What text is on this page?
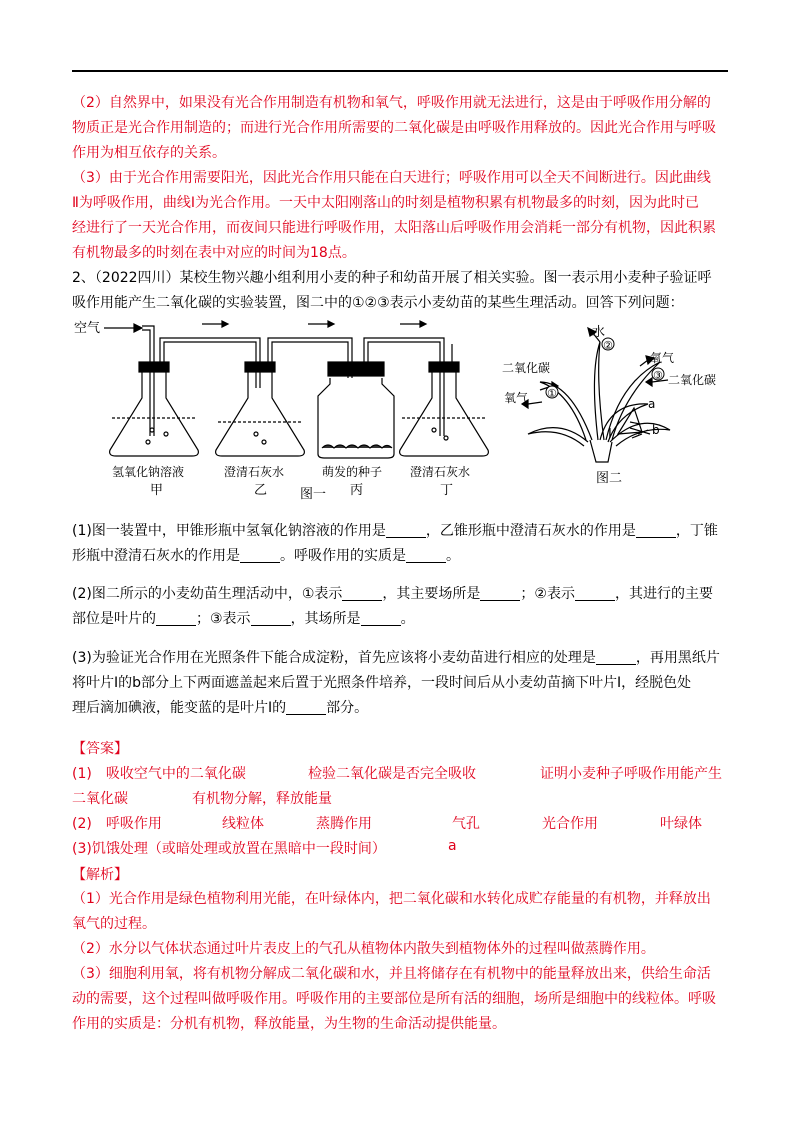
（2）自然界中，如果没有光合作用制造有机物和氧气，呼吸作用就无法进行，这是由于呼吸作用分解的
物质正是光合作用制造的；而进行光合作用所需要的二氧化碳是由呼吸作用释放的。因此光合作用与呼吸
作用为相互依存的关系。
（3）由于光合作用需要阳光，因此光合作用只能在白天进行；呼吸作用可以全天不间断进行。因此曲线
Ⅱ为呼吸作用，曲线Ⅰ为光合作用。一天中太阳刚落山的时刻是植物积累有机物最多的时刻，因为此时已
经进行了一天光合作用，而夜间只能进行呼吸作用，太阳落山后呼吸作用会消耗一部分有机物，因此积累
有机物最多的时刻在表中对应的时间为18点。
2、（2022四川）某校生物兴趣小组利用小麦的种子和幼苗开展了相关实验。图一表示用小麦种子验证呼
吸作用能产生二氧化碳的实验装置，图二中的①②③表示小麦幼苗的某些生理活动。回答下列问题：
空气
氢氧化钠溶液
甲
澄清石灰水
乙
萌发的种子
丙
澄清石灰水
丁
图一
水
②
二氧化碳
①
氧气
氧气
③ 二氧化碳
a
b
I
图二
(1)图一装置中，甲锥形瓶中氢氧化钠溶液的作用是	，乙锥形瓶中澄清石灰水的作用是	，丁锥
形瓶中澄清石灰水的作用是	。呼吸作用的实质是	。
(2)图二所示的小麦幼苗生理活动中，①表示	，其主要场所是	；②表示	，其进行的主要
部位是叶片的	；③表示	，其场所是	。
(3)为验证光合作用在光照条件下能合成淀粉，首先应该将小麦幼苗进行相应的处理是	，再用黑纸片
将叶片Ⅰ的b部分上下两面遮盖起来后置于光照条件培养，一段时间后从小麦幼苗摘下叶片Ⅰ，经脱色处
理后滴加碘液，能变蓝的是叶片Ⅰ的	部分。
【答案】
(1)　吸收空气中的二氧化碳	检验二氧化碳是否完全吸收	证明小麦种子呼吸作用能产生
二氧化碳	有机物分解，释放能量
(2)　呼吸作用	线粒体	蒸腾作用	气孔	光合作用	叶绿体
(3)饥饿处理（或暗处理或放置在黑暗中一段时间）	a
【解析】
（1）光合作用是绿色植物利用光能，在叶绿体内，把二氧化碳和水转化成贮存能量的有机物，并释放出
氧气的过程。
（2）水分以气体状态通过叶片表皮上的气孔从植物体内散失到植物体外的过程叫做蒸腾作用。
（3）细胞利用氧，将有机物分解成二氧化碳和水，并且将储存在有机物中的能量释放出来，供给生命活
动的需要，这个过程叫做呼吸作用。呼吸作用的主要部位是所有活的细胞，场所是细胞中的线粒体。呼吸
作用的实质是：分机有机物，释放能量，为生物的生命活动提供能量。
